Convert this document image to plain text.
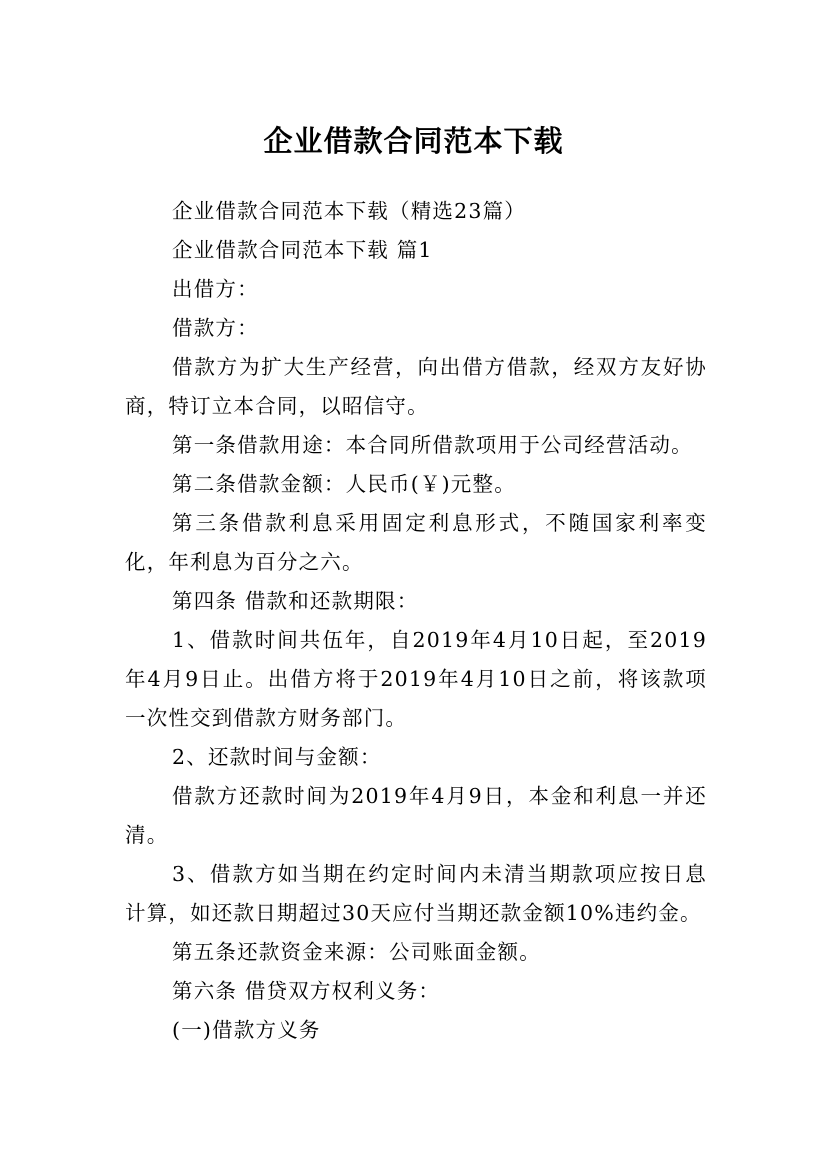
企业借款合同范本下载

企业借款合同范本下载（精选23篇）

企业借款合同范本下载 篇1

出借方：

借款方：

借款方为扩大生产经营，向出借方借款，经双方友好协商，特订立本合同，以昭信守。

第一条借款用途：本合同所借款项用于公司经营活动。

第二条借款金额：人民币(￥)元整。

第三条借款利息采用固定利息形式，不随国家利率变化，年利息为百分之六。

第四条 借款和还款期限：

1、借款时间共伍年，自2019年4月10日起，至2019年4月9日止。出借方将于2019年4月10日之前，将该款项一次性交到借款方财务部门。

2、还款时间与金额：

借款方还款时间为2019年4月9日，本金和利息一并还清。

3、借款方如当期在约定时间内未清当期款项应按日息计算，如还款日期超过30天应付当期还款金额10%违约金。

第五条还款资金来源：公司账面金额。

第六条 借贷双方权利义务：

(一)借款方义务
